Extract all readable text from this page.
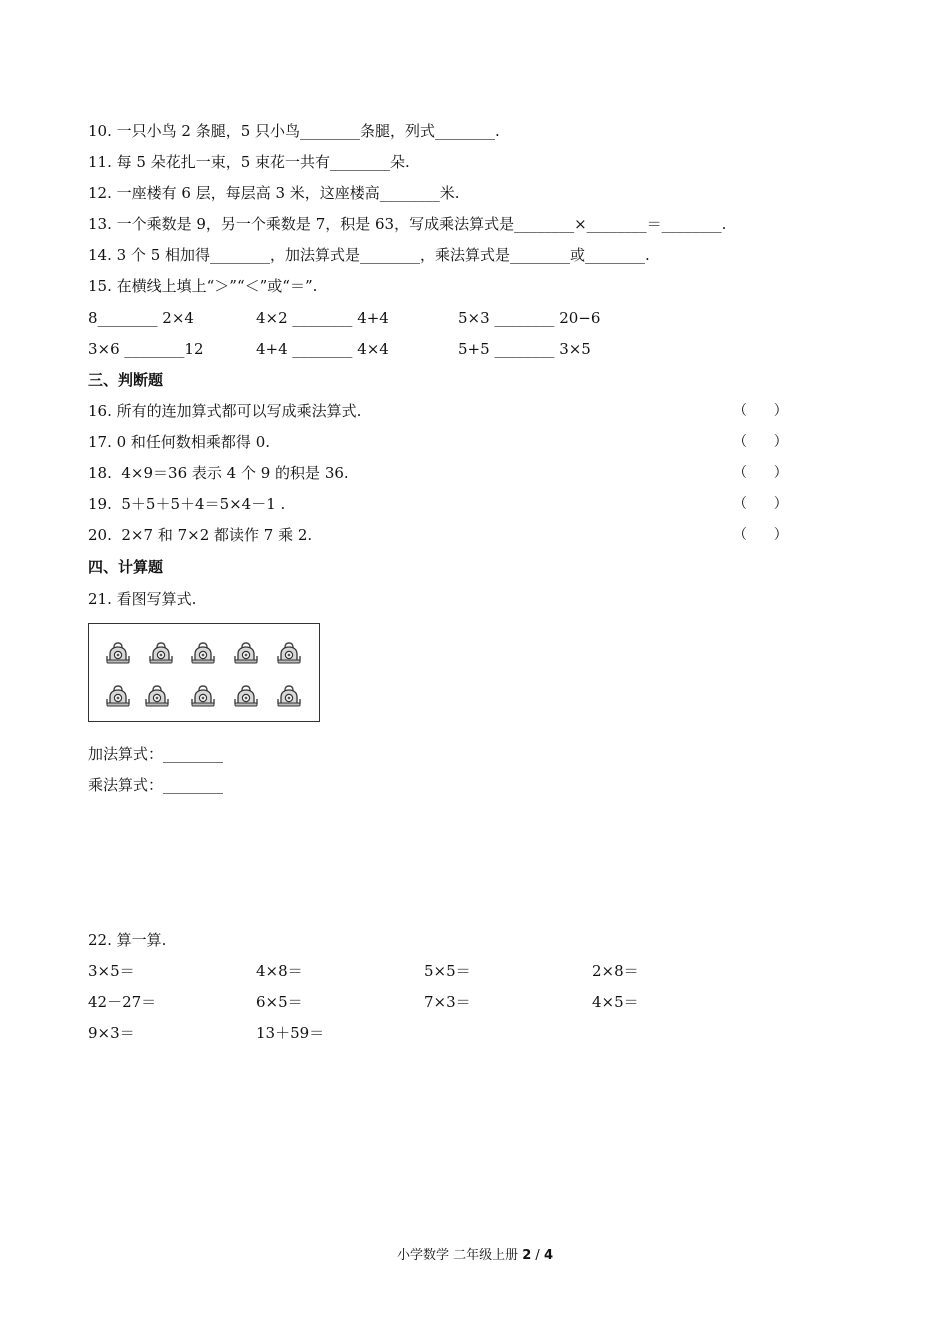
10. 一只小鸟 2 条腿，5 只小鸟________条腿，列式________.
11. 每 5 朵花扎一束，5 束花一共有________朵.
12. 一座楼有 6 层，每层高 3 米，这座楼高________米.
13. 一个乘数是 9，另一个乘数是 7，积是 63，写成乘法算式是________×________＝________.
14. 3 个 5 相加得________，加法算式是________，乘法算式是________或________.
15. 在横线上填上“＞”“＜”或“＝”.
8________ 2×4	4×2 ________ 4+4	5×3 ________ 20−6
3×6 ________12	4+4 ________ 4×4	5+5 ________ 3×5
三、判断题
16. 所有的连加算式都可以写成乘法算式.	（      ）
17. 0 和任何数相乘都得 0.	（      ）
18.  4×9＝36 表示 4 个 9 的积是 36.	（      ）
19.  5＋5＋5＋4＝5×4－1 .	（      ）
20.  2×7 和 7×2 都读作 7 乘 2.	（      ）
四、计算题
21. 看图写算式.
加法算式：________
乘法算式：________
22. 算一算.
3×5＝	4×8＝	5×5＝	2×8＝
42－27＝	6×5＝	7×3＝	4×5＝
9×3＝	13＋59＝
小学数学 二年级上册 2 / 4
